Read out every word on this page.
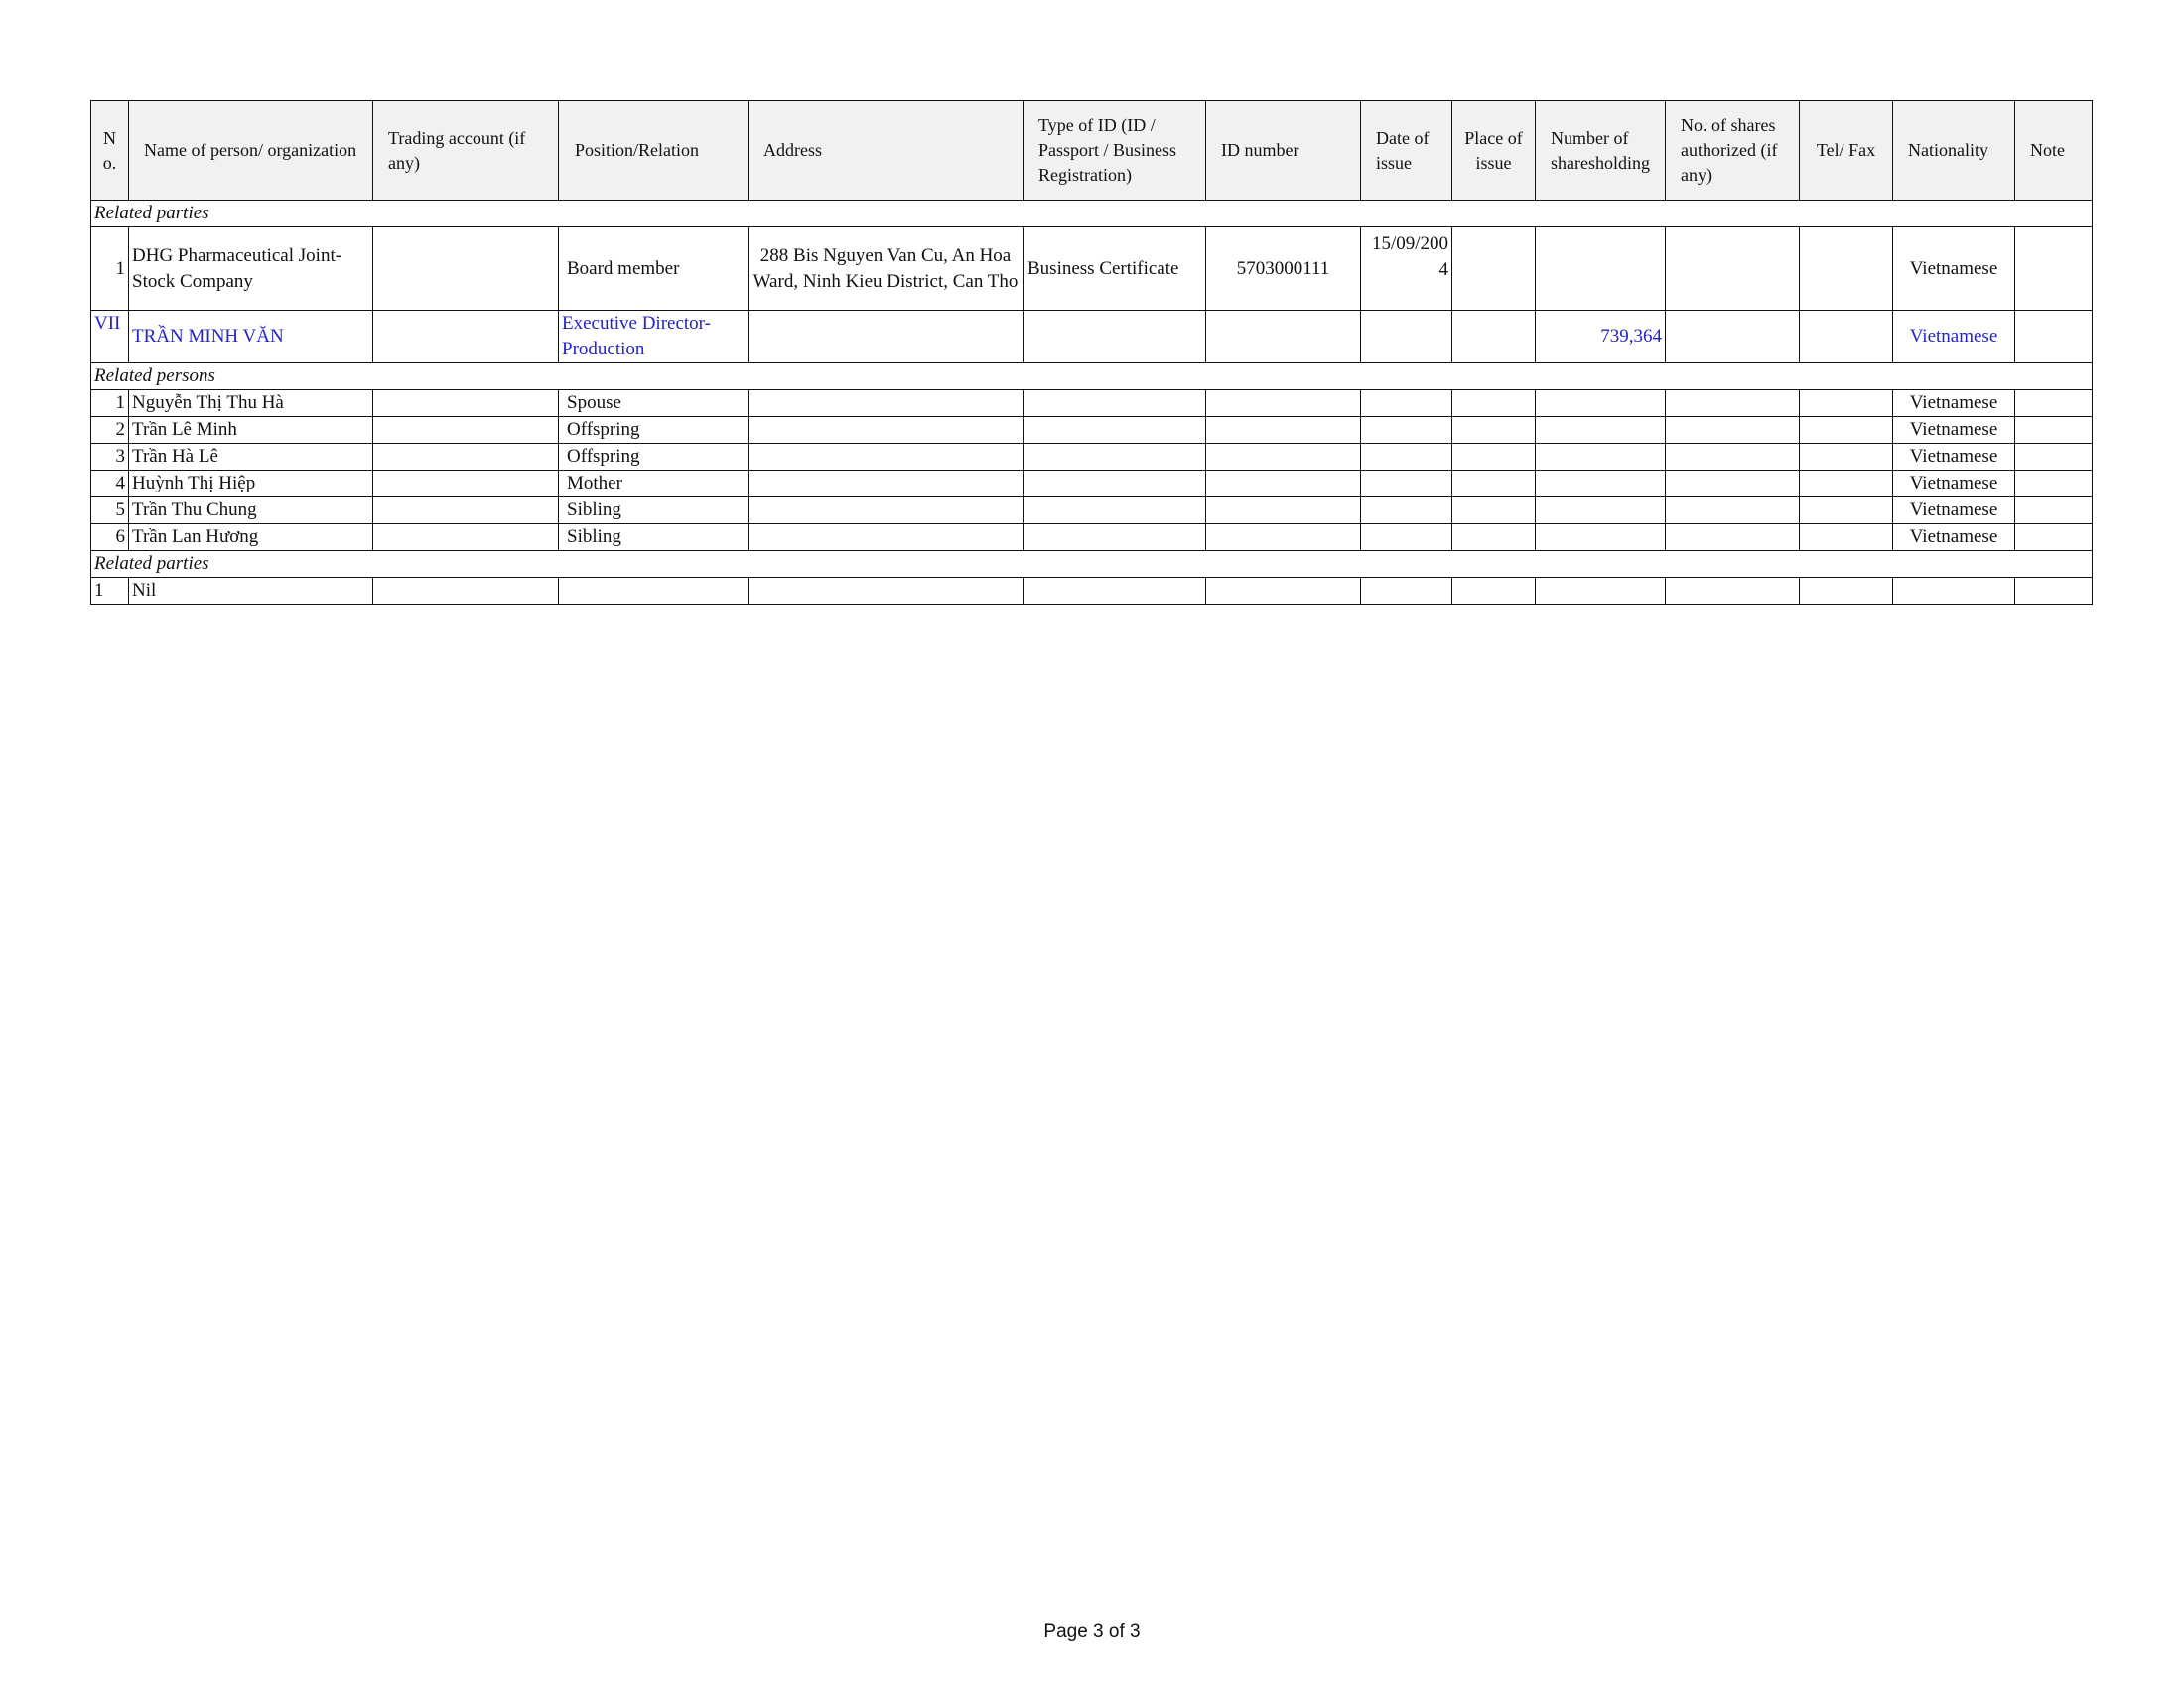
N o.	Name of person/ organization	Trading account (if any)	Position/Relation	Address	Type of ID (ID / Passport / Business Registration)	ID number	Date of issue	Place of issue	Number of sharesholding	No. of shares authorized (if any)	Tel/ Fax	Nationality	Note
Related parties													
1	DHG Pharmaceutical Joint-Stock Company		Board member	288 Bis Nguyen Van Cu, An Hoa Ward, Ninh Kieu District, Can Tho	Business Certificate	5703000111	15/09/2004					Vietnamese	
VII	TRẦN MINH VĂN		Executive Director-Production						739,364			Vietnamese	
Related persons													
1	Nguyễn Thị Thu Hà		Spouse									Vietnamese	
2	Trần Lê Minh		Offspring									Vietnamese	
3	Trần Hà Lê		Offspring									Vietnamese	
4	Huỳnh Thị Hiệp		Mother									Vietnamese	
5	Trần Thu Chung		Sibling									Vietnamese	
6	Trần Lan Hương		Sibling									Vietnamese	
Related parties													
1	Nil												
Page 3 of 3
